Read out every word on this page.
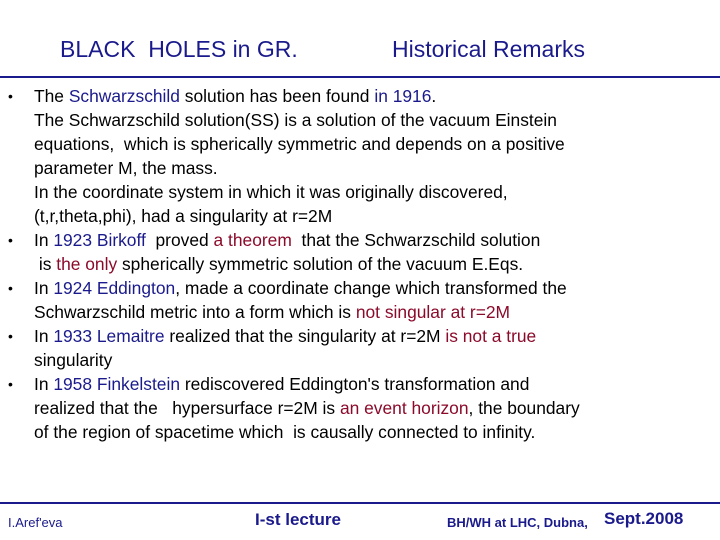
BLACK  HOLES in GR.

	Historical Remarks

• The Schwarzschild solution has been found in 1916.
The Schwarzschild solution(SS) is a solution of the vacuum Einstein
equations,  which is spherically symmetric and depends on a positive
parameter M, the mass.
In the coordinate system in which it was originally discovered,
(t,r,theta,phi), had a singularity at r=2M
• In 1923 Birkoff  proved a theorem  that the Schwarzschild solution
is the only spherically symmetric solution of the vacuum E.Eqs.
• In 1924 Eddington, made a coordinate change which transformed the
Schwarzschild metric into a form which is not singular at r=2M
• In 1933 Lemaitre realized that the singularity at r=2M is not a true
singularity
• In 1958 Finkelstein rediscovered Eddington's transformation and
realized that the   hypersurface r=2M is an event horizon, the boundary
of the region of spacetime which  is causally connected to infinity.
I.Aref'eva	I-st lecture	BH/WH at LHC, Dubna, Sept.2008
